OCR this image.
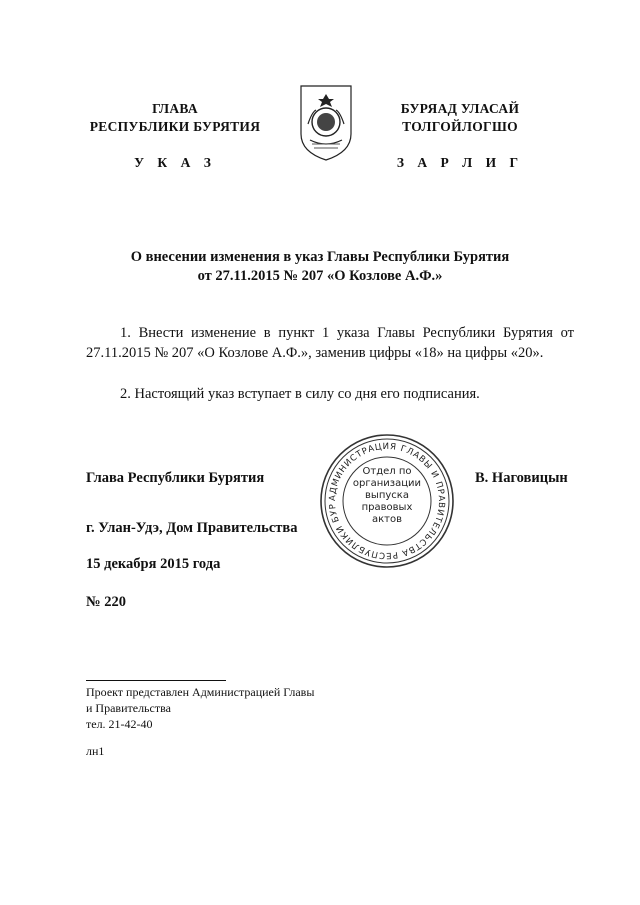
ГЛАВА
РЕСПУБЛИКИ БУРЯТИЯ
У К А З
БУРЯАД УЛАСАЙ
ТОЛГОЙЛОГШО
З А Р Л И Г
О внесении изменения в указ Главы Республики Бурятия
от 27.11.2015 № 207 «О Козлове А.Ф.»
1. Внести изменение в пункт 1 указа Главы Республики Бурятия от 27.11.2015 № 207 «О Козлове А.Ф.», заменив цифры «18» на цифры «20».
2. Настоящий указ вступает в силу со дня его подписания.
Глава Республики Бурятия	В. Наговицын
АДМИНИСТРАЦИЯ ГЛАВЫ И ПРАВИТЕЛЬСТВА РЕСПУБЛИКИ БУР
Отдел по
организации
выпуска
правовых
актов
г. Улан-Удэ, Дом Правительства
15 декабря 2015 года
№ 220
Проект представлен Администрацией Главы
и Правительства
тел. 21-42-40
лн1
